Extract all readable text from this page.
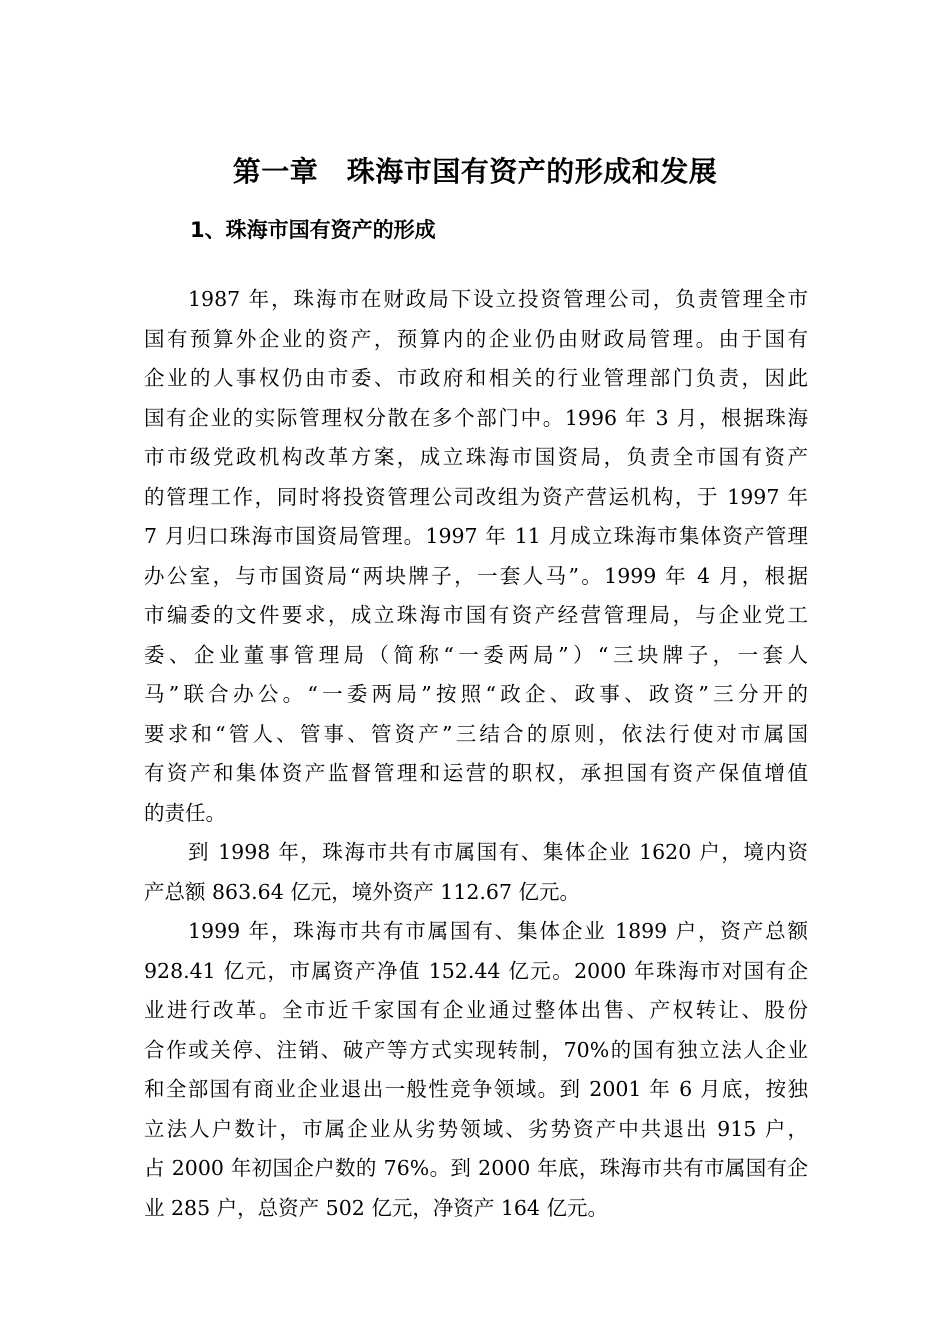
第一章　珠海市国有资产的形成和发展
1、珠海市国有资产的形成
1987 年，珠海市在财政局下设立投资管理公司，负责管理全市
国有预算外企业的资产，预算内的企业仍由财政局管理。由于国有
企业的人事权仍由市委、市政府和相关的行业管理部门负责，因此
国有企业的实际管理权分散在多个部门中。1996 年 3 月，根据珠海
市市级党政机构改革方案，成立珠海市国资局，负责全市国有资产
的管理工作，同时将投资管理公司改组为资产营运机构，于 1997 年
7 月归口珠海市国资局管理。1997 年 11 月成立珠海市集体资产管理
办公室，与市国资局“两块牌子，一套人马”。1999 年 4 月，根据
市编委的文件要求，成立珠海市国有资产经营管理局，与企业党工
委、企业董事管理局（简称“一委两局”）“三块牌子，一套人
马”联合办公。“一委两局”按照“政企、政事、政资”三分开的
要求和“管人、管事、管资产”三结合的原则，依法行使对市属国
有资产和集体资产监督管理和运营的职权，承担国有资产保值增值
的责任。
到 1998 年，珠海市共有市属国有、集体企业 1620 户，境内资
产总额 863.64 亿元，境外资产 112.67 亿元。
1999 年，珠海市共有市属国有、集体企业 1899 户，资产总额
928.41 亿元，市属资产净值 152.44 亿元。2000 年珠海市对国有企
业进行改革。全市近千家国有企业通过整体出售、产权转让、股份
合作或关停、注销、破产等方式实现转制，70%的国有独立法人企业
和全部国有商业企业退出一般性竞争领域。到 2001 年 6 月底，按独
立法人户数计，市属企业从劣势领域、劣势资产中共退出 915 户，
占 2000 年初国企户数的 76%。到 2000 年底，珠海市共有市属国有企
业 285 户，总资产 502 亿元，净资产 164 亿元。
